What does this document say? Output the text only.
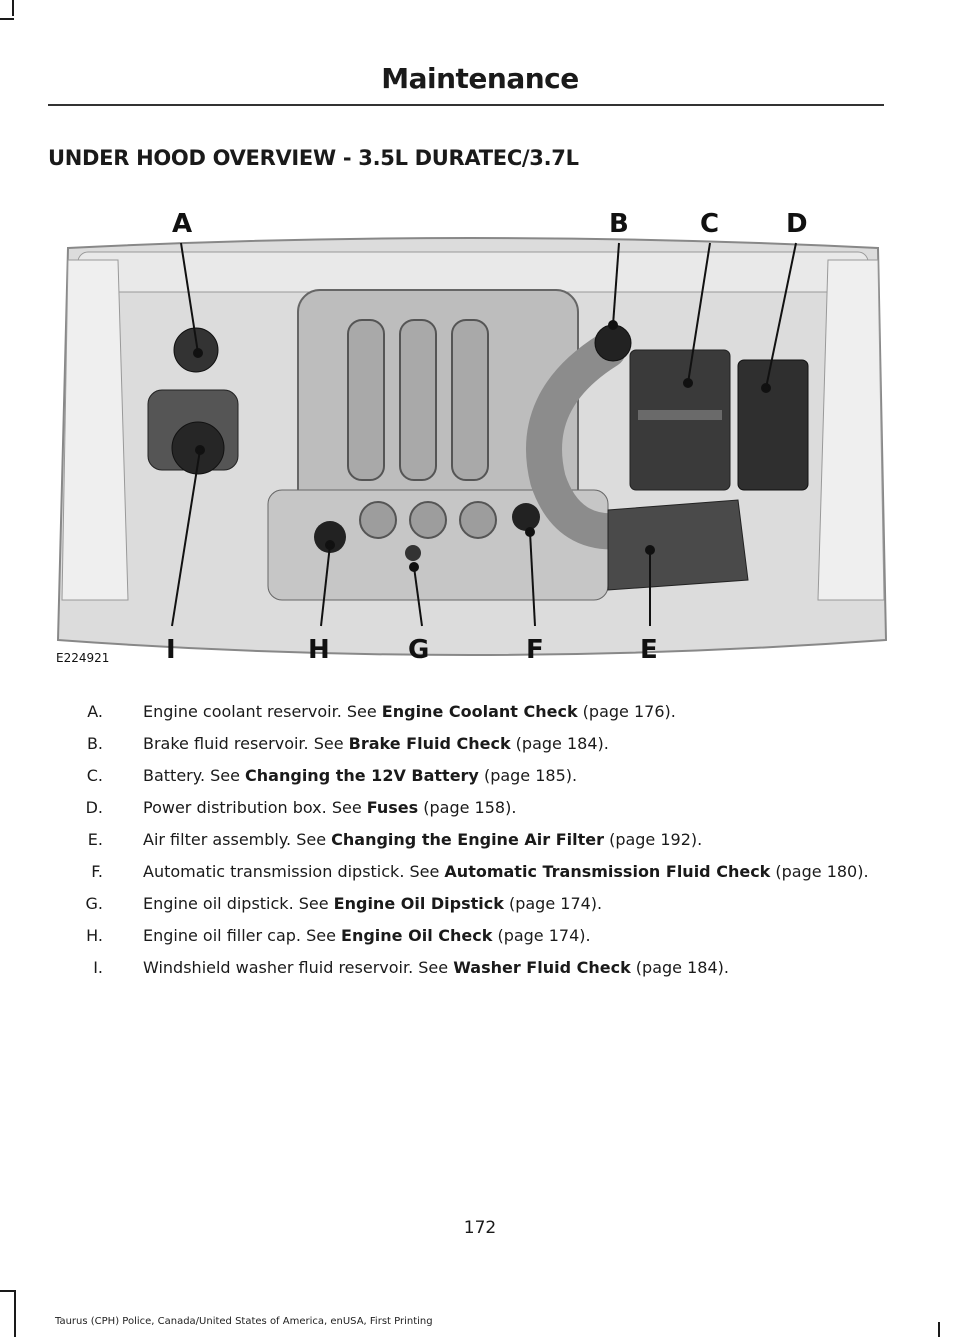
Maintenance
UNDER HOOD OVERVIEW - 3.5L DURATEC/3.7L
A	B	C	D
I	H	G	F	E
E224921
A.	Engine coolant reservoir. See Engine Coolant Check (page 176).
B.	Brake fluid reservoir. See Brake Fluid Check (page 184).
C.	Battery. See Changing the 12V Battery (page 185).
D.	Power distribution box. See Fuses (page 158).
E.	Air filter assembly. See Changing the Engine Air Filter (page 192).
F.	Automatic transmission dipstick. See Automatic Transmission Fluid Check (page 180).
G.	Engine oil dipstick. See Engine Oil Dipstick (page 174).
H.	Engine oil filler cap. See Engine Oil Check (page 174).
I.	Windshield washer fluid reservoir. See Washer Fluid Check (page 184).
172
Taurus (CPH) Police, Canada/United States of America, enUSA, First Printing
